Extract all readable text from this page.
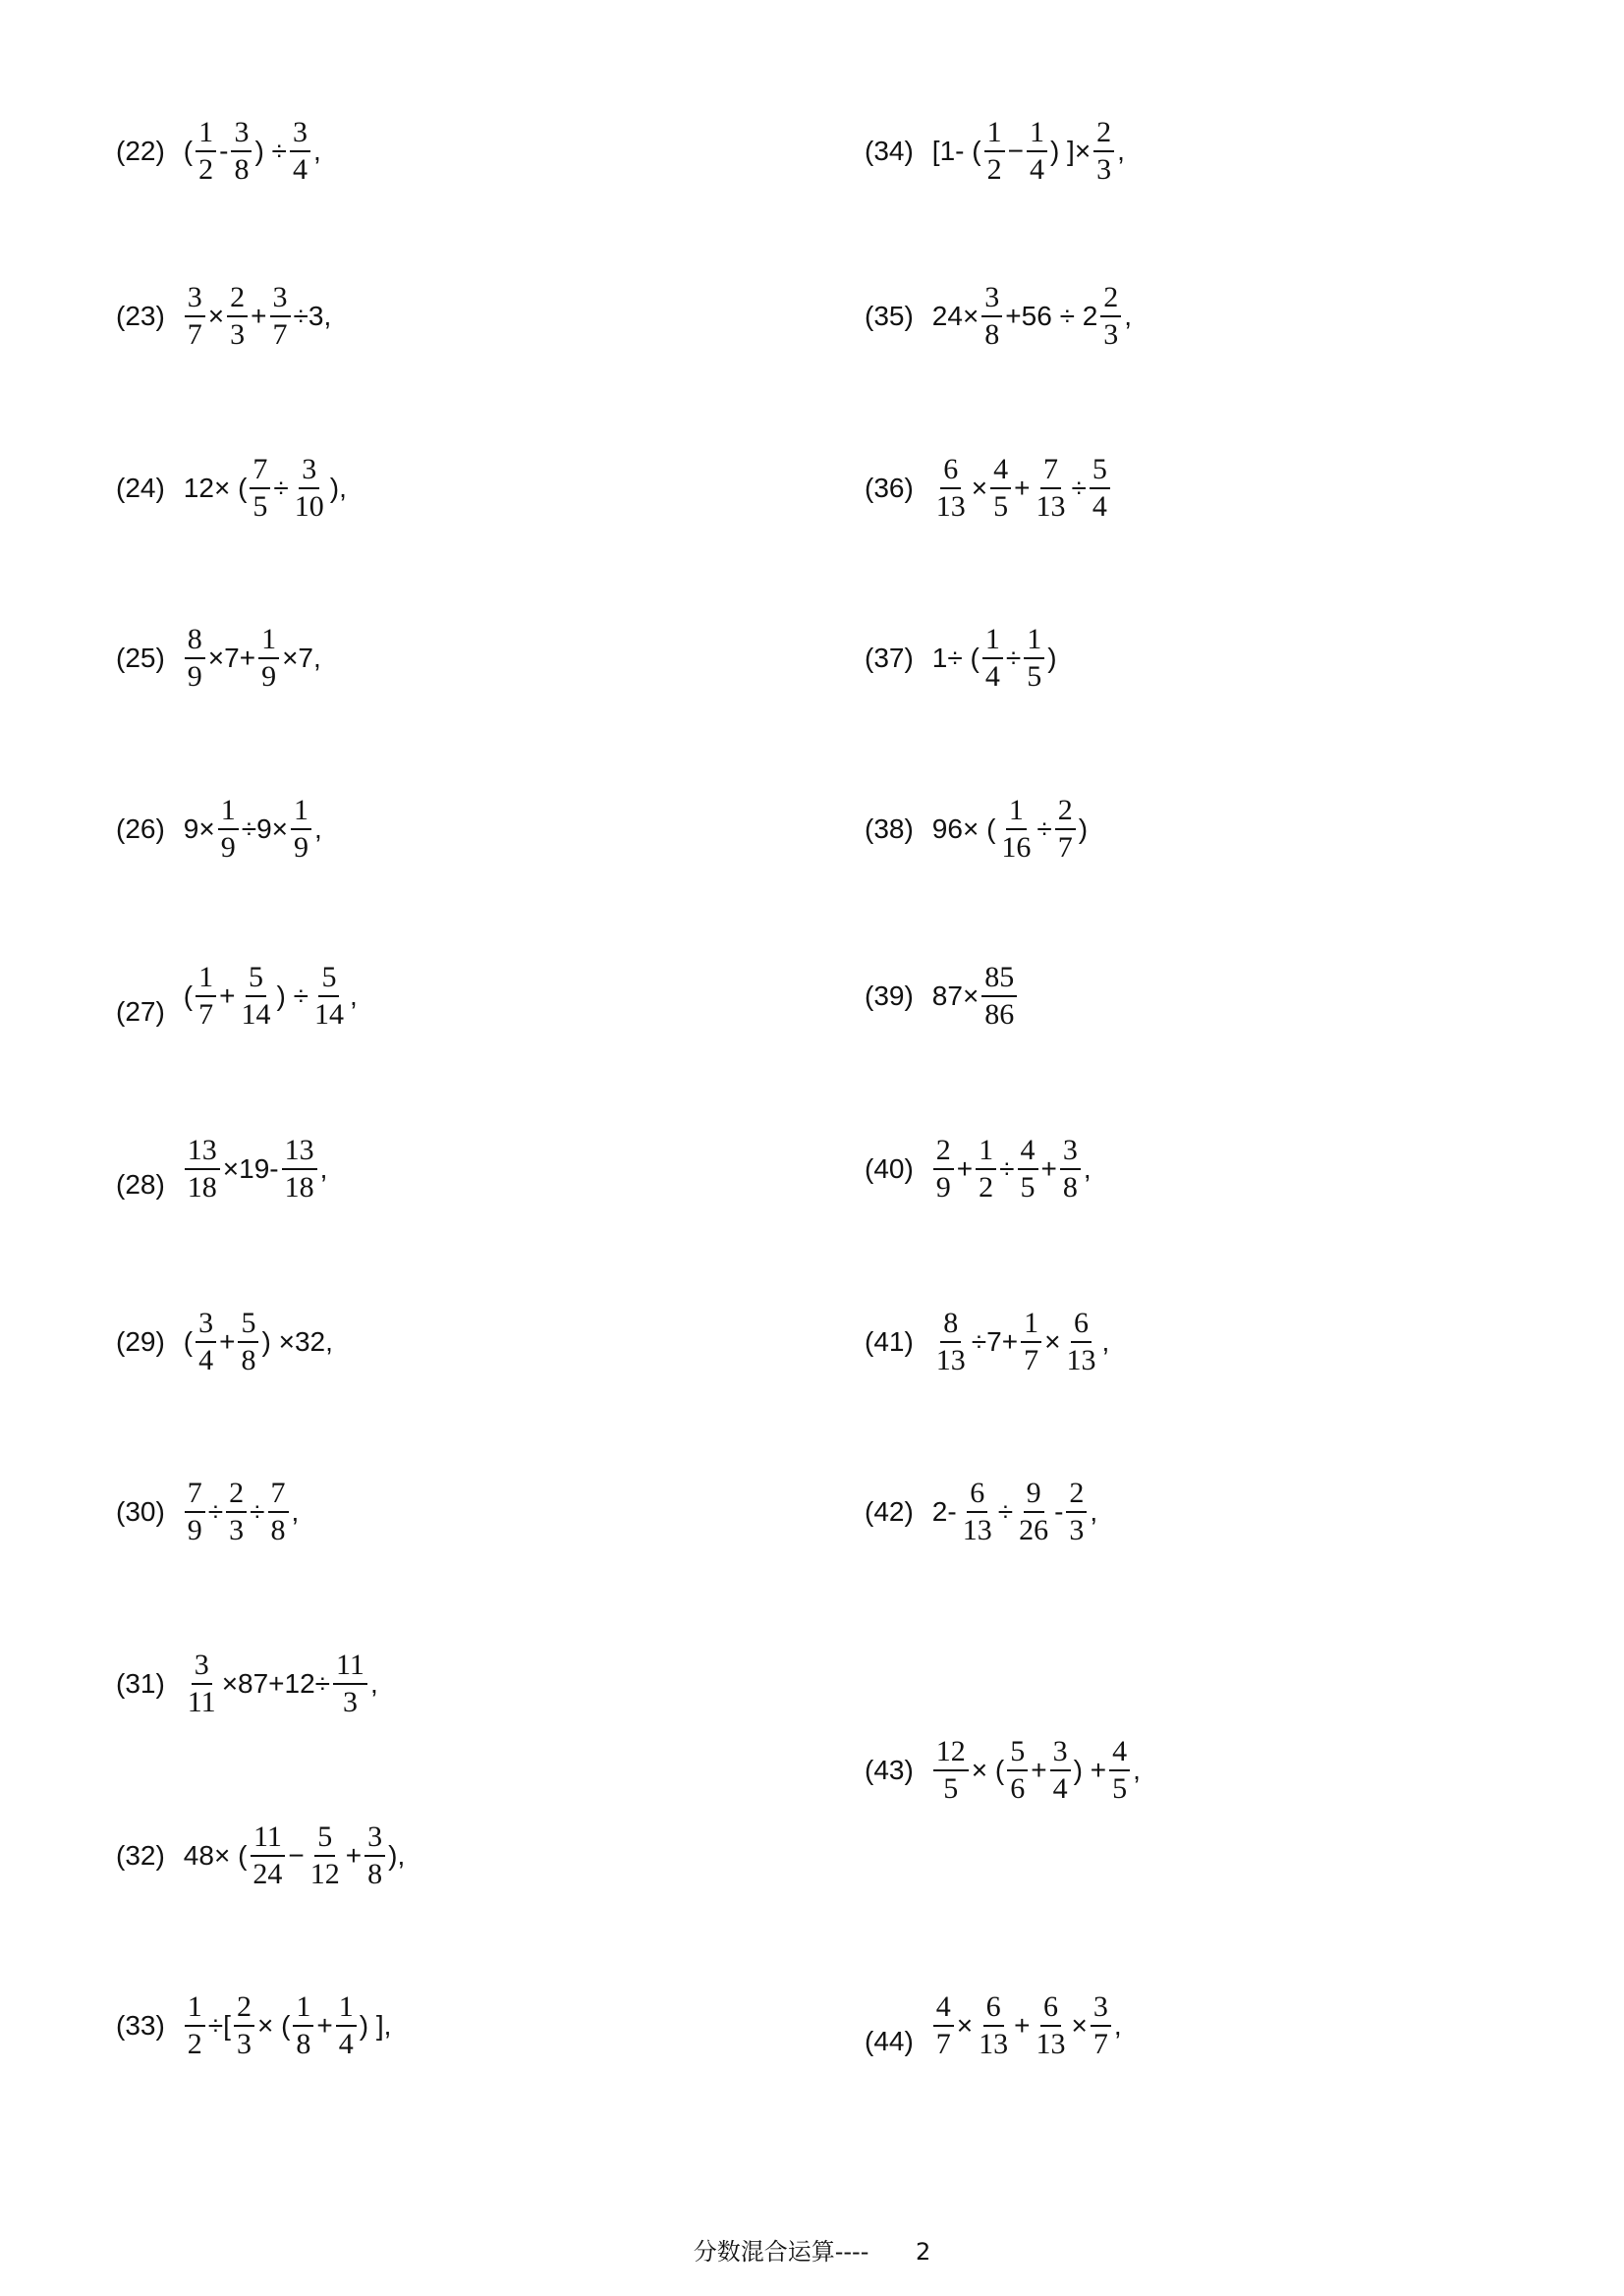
(22) ( $\frac{1}{2} - \frac{3}{8}$ ) ÷ $\frac{3}{4}$ ,
$(23) \frac{3}{7} \times \frac{2}{3} + \frac{3}{7} \div 3$,
(24) 12× ( $\frac{7}{5} \div \frac{3}{10}$ ),
$(25) \frac{8}{9} \times 7+ \frac{1}{9} \times 7$,
(26) $9\times \frac{1}{9} \div 9\times \frac{1}{9}$ ,
(27)
( $\frac{1}{7} + \frac{5}{14}$ ) ÷ $\frac{5}{14}$ ,
$(28) \frac{13}{18} \times 19- \frac{13}{18}$ ,
(29) ( $\frac{3}{4} + \frac{5}{8}$ ) ×32,
$(30) \frac{7}{9} \div \frac{2}{3} \div \frac{7}{8}$ ,
$(31) \frac{3}{11} \times 87+12\div \frac{11}{3}$ ,
(32) 48× ( $\frac{11}{24} - \frac{5}{12} + \frac{3}{8}$ ),
$(33) \frac{1}{2}$ ÷[ $\frac{2}{3}$ × ( $\frac{1}{8} + \frac{1}{4}$ ) ],
(34) [1- ( $\frac{1}{2} - \frac{1}{4}$ ) ]× $\frac{2}{3}$ ,
(35) $24\times \frac{3}{8} +56 \div 2 \frac{2}{3}$ ,
$(36) \frac{6}{13} \times \frac{4}{5} + \frac{7}{13} \div \frac{5}{4}$
(37) 1÷ ( $\frac{1}{4} \div \frac{1}{5}$ )
(38) 96× ( $\frac{1}{16} \div \frac{2}{7}$ )
(39) $87\times \frac{85}{86}$
$(40) \frac{2}{9} + \frac{1}{2} \div \frac{4}{5} + \frac{3}{8}$ ,
$(41) \frac{8}{13} \div 7+ \frac{1}{7} \times \frac{6}{13}$ ,
(42) $2- \frac{6}{13} \div \frac{9}{26} - \frac{2}{3}$ ,
$(43) \frac{12}{5}$ × ( $\frac{5}{6} + \frac{3}{4}$ ) + $\frac{4}{5}$ ,
$(44) \frac{4}{7} \times \frac{6}{13} + \frac{6}{13} \times \frac{3}{7}$ ,
分数混合运算---- 2
